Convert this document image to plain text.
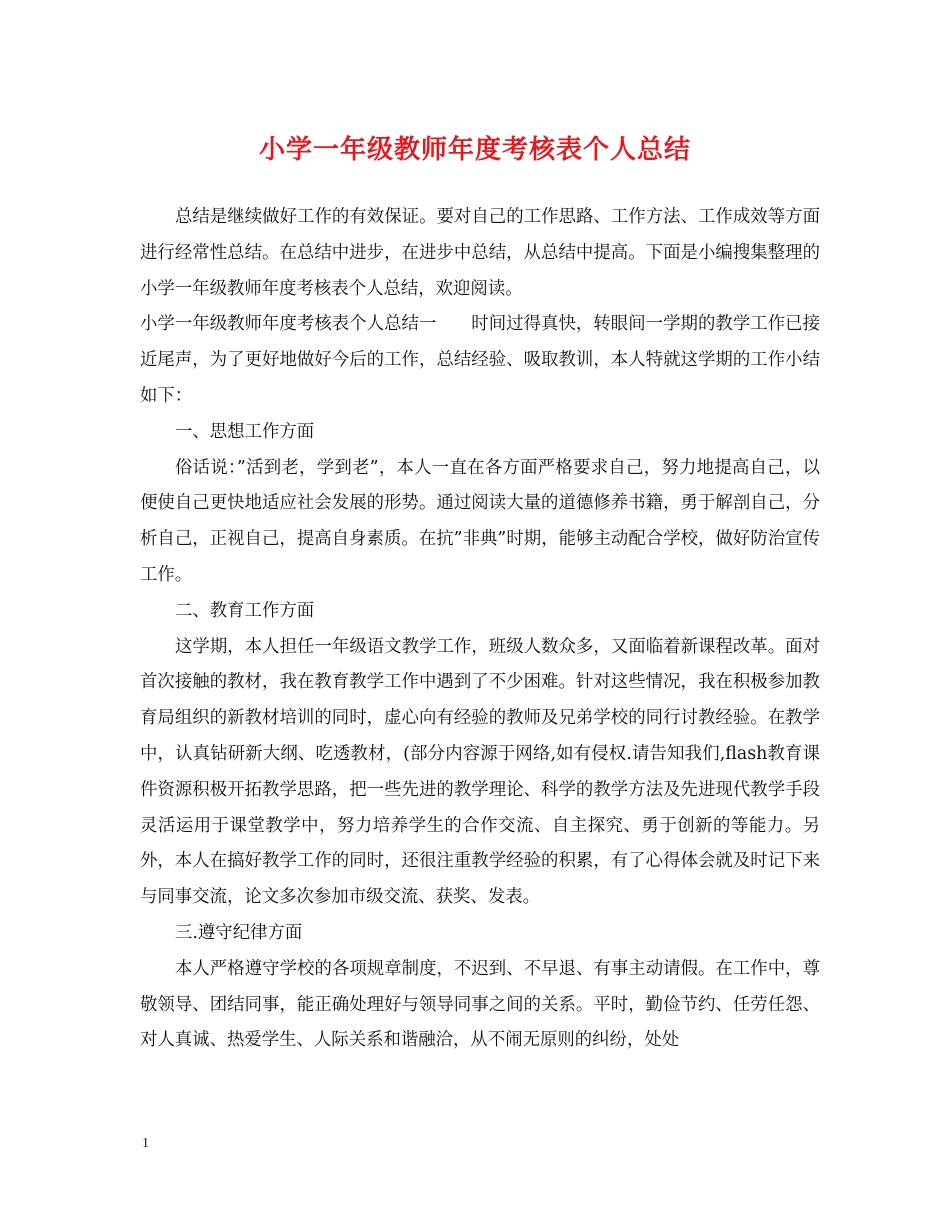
小学一年级教师年度考核表个人总结

总结是继续做好工作的有效保证。要对自己的工作思路、工作方法、工作成效等方面进行经常性总结。在总结中进步，在进步中总结，从总结中提高。下面是小编搜集整理的小学一年级教师年度考核表个人总结，欢迎阅读。

小学一年级教师年度考核表个人总结一　　时间过得真快，转眼间一学期的教学工作已接近尾声，为了更好地做好今后的工作，总结经验、吸取教训，本人特就这学期的工作小结如下：

一、思想工作方面

俗话说：”活到老，学到老”，本人一直在各方面严格要求自己，努力地提高自己，以便使自己更快地适应社会发展的形势。通过阅读大量的道德修养书籍，勇于解剖自己，分析自己，正视自己，提高自身素质。在抗”非典”时期，能够主动配合学校，做好防治宣传工作。

二、教育工作方面

这学期，本人担任一年级语文教学工作，班级人数众多，又面临着新课程改革。面对首次接触的教材，我在教育教学工作中遇到了不少困难。针对这些情况，我在积极参加教育局组织的新教材培训的同时，虚心向有经验的教师及兄弟学校的同行讨教经验。在教学中，认真钻研新大纲、吃透教材，(部分内容源于网络,如有侵权.请告知我们,flash教育课件资源积极开拓教学思路，把一些先进的教学理论、科学的教学方法及先进现代教学手段灵活运用于课堂教学中，努力培养学生的合作交流、自主探究、勇于创新的等能力。另外，本人在搞好教学工作的同时，还很注重教学经验的积累，有了心得体会就及时记下来与同事交流，论文多次参加市级交流、获奖、发表。

三.遵守纪律方面

本人严格遵守学校的各项规章制度，不迟到、不早退、有事主动请假。在工作中，尊敬领导、团结同事，能正确处理好与领导同事之间的关系。平时，勤俭节约、任劳任怨、对人真诚、热爱学生、人际关系和谐融洽，从不闹无原则的纠纷，处处

1
